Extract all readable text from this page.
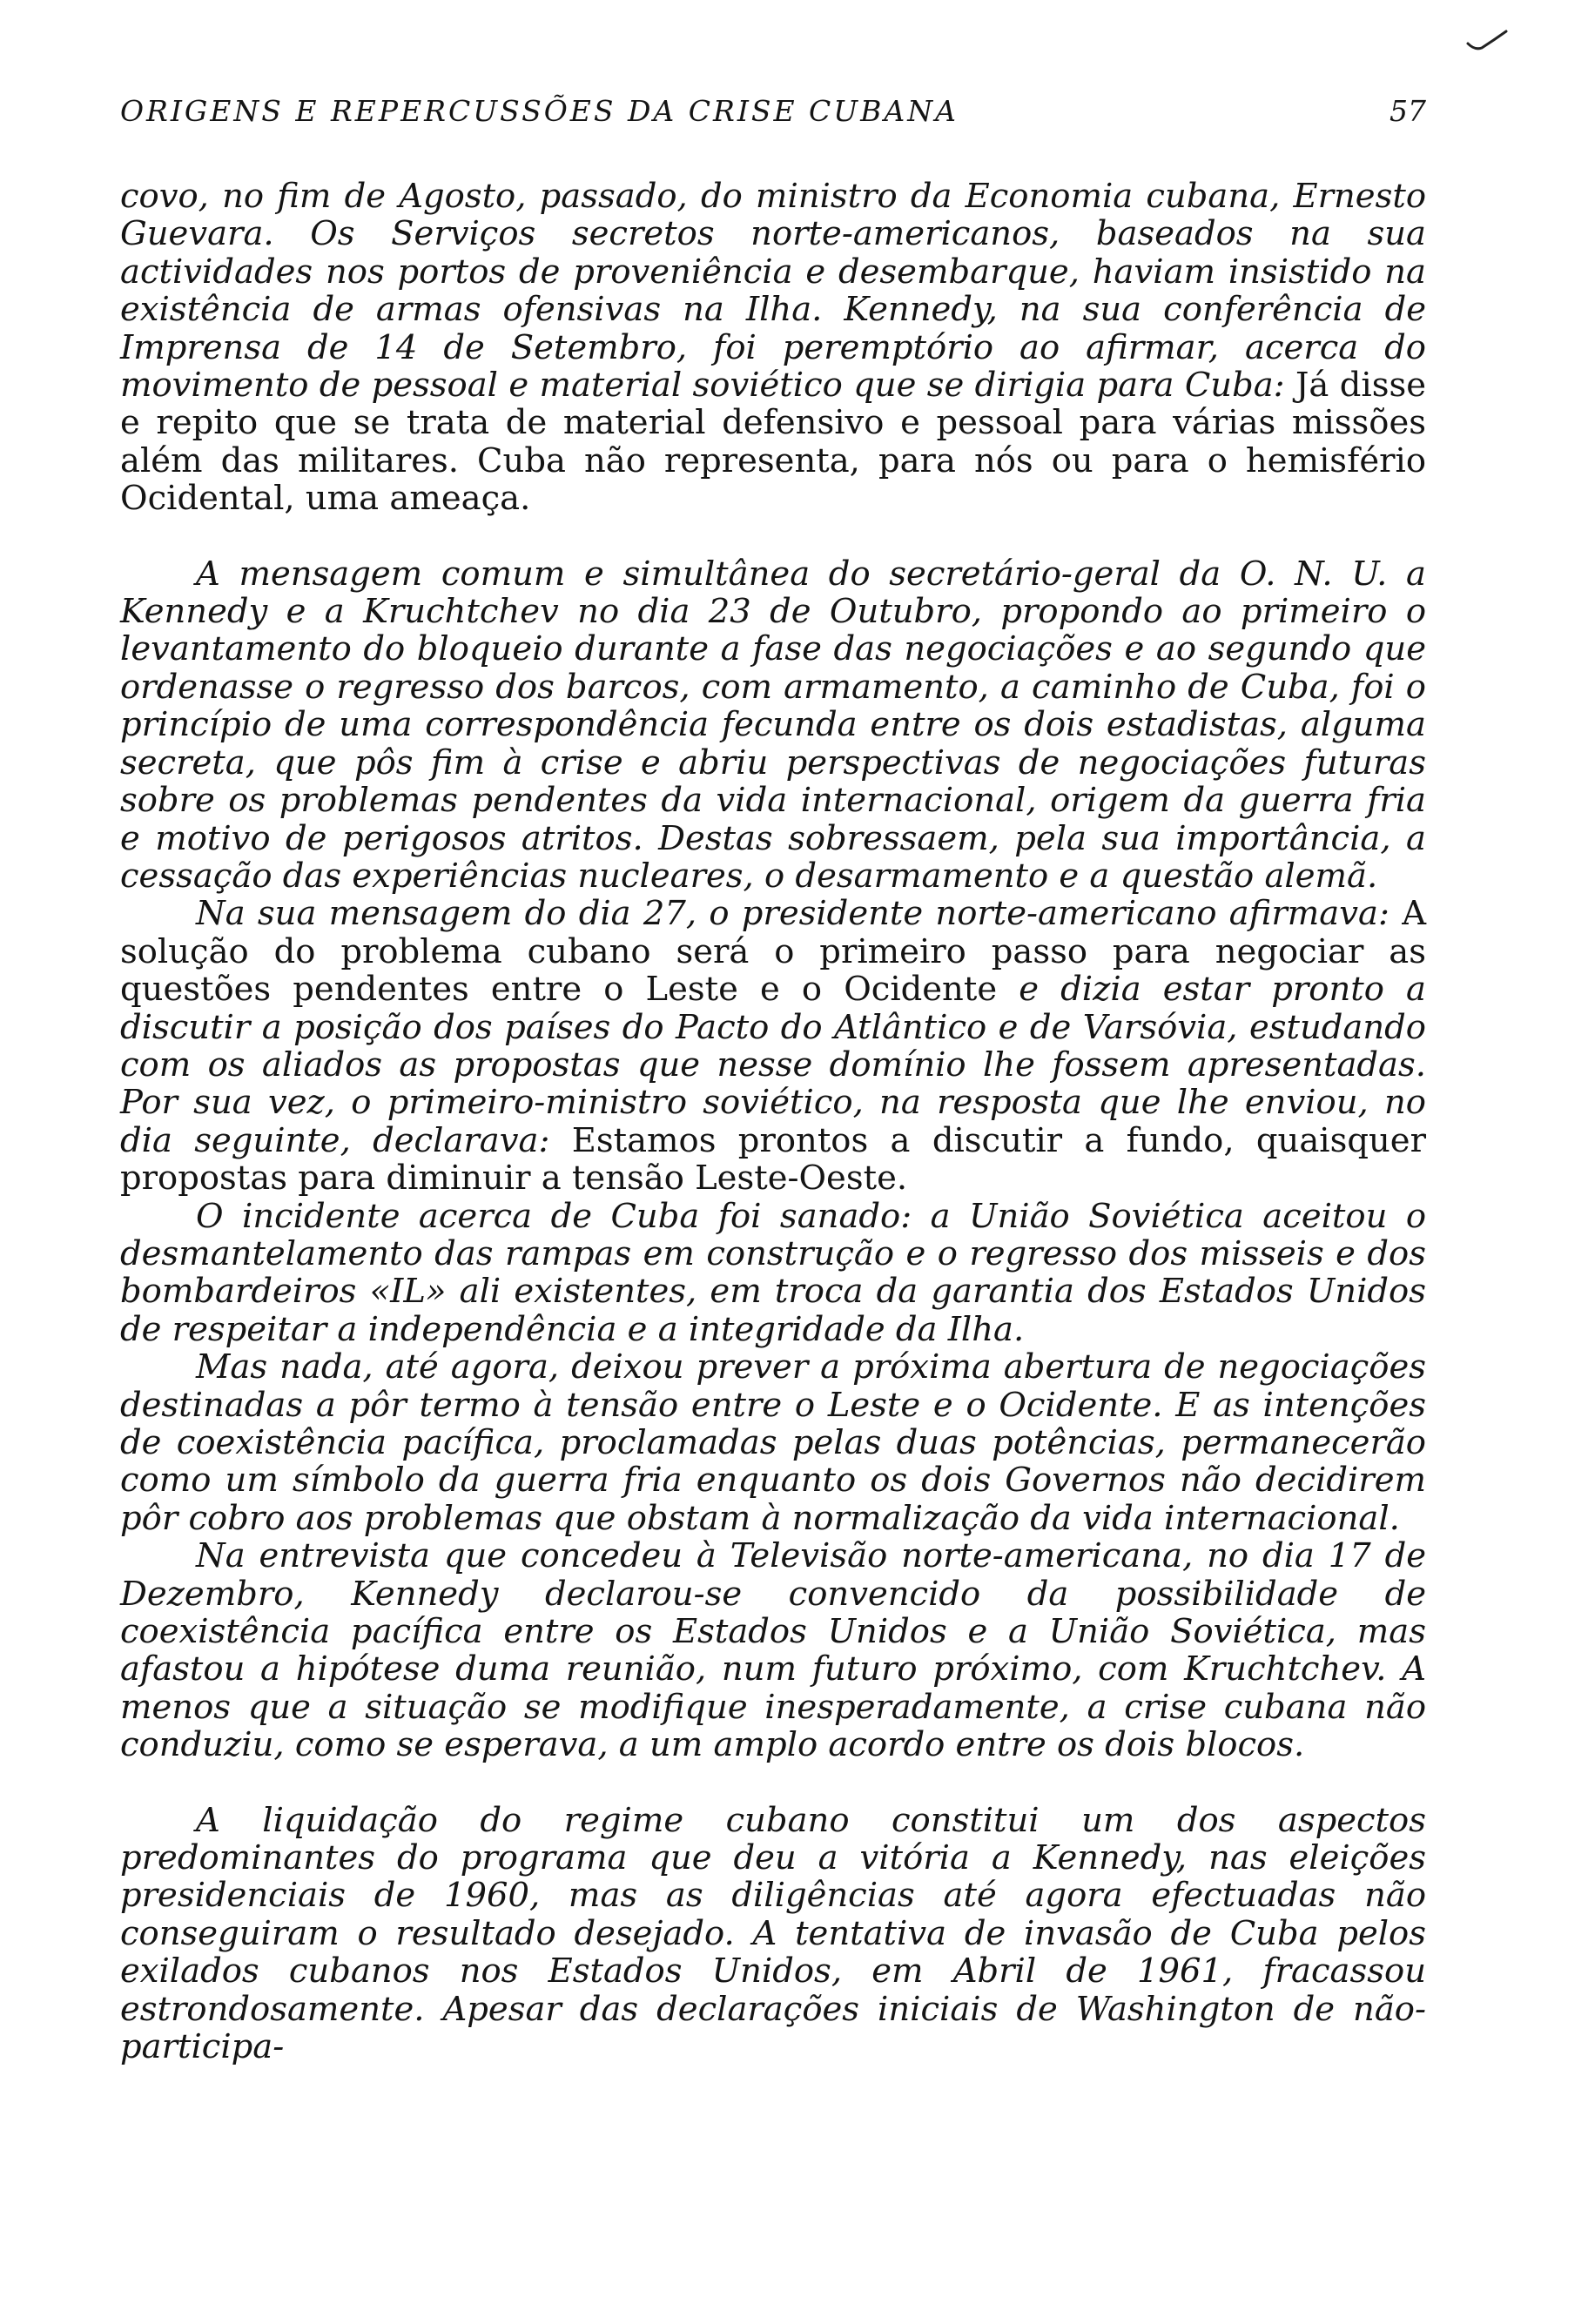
ORIGENS E REPERCUSSÕES DA CRISE CUBANA	57

covo, no fim de Agosto, passado, do ministro da Economia cubana, Ernesto Guevara. Os Serviços secretos norte-americanos, baseados na sua actividades nos portos de proveniência e desembarque, haviam insistido na existência de armas ofensivas na Ilha. Kennedy, na sua conferência de Imprensa de 14 de Setembro, foi peremptório ao afirmar, acerca do movimento de pessoal e material soviético que se dirigia para Cuba: Já disse e repito que se trata de material defensivo e pessoal para várias missões além das militares. Cuba não representa, para nós ou para o hemisfério Ocidental, uma ameaça.

A mensagem comum e simultânea do secretário-geral da O. N. U. a Kennedy e a Kruchtchev no dia 23 de Outubro, propondo ao primeiro o levantamento do bloqueio durante a fase das negociações e ao segundo que ordenasse o regresso dos barcos, com armamento, a caminho de Cuba, foi o princípio de uma correspondência fecunda entre os dois estadistas, alguma secreta, que pôs fim à crise e abriu perspectivas de negociações futuras sobre os problemas pendentes da vida internacional, origem da guerra fria e motivo de perigosos atritos. Destas sobressaem, pela sua importância, a cessação das experiências nucleares, o desarmamento e a questão alemã.

Na sua mensagem do dia 27, o presidente norte-americano afirmava: A solução do problema cubano será o primeiro passo para negociar as questões pendentes entre o Leste e o Ocidente e dizia estar pronto a discutir a posição dos países do Pacto do Atlântico e de Varsóvia, estudando com os aliados as propostas que nesse domínio lhe fossem apresentadas. Por sua vez, o primeiro-ministro soviético, na resposta que lhe enviou, no dia seguinte, declarava: Estamos prontos a discutir a fundo, quaisquer propostas para diminuir a tensão Leste-Oeste.

O incidente acerca de Cuba foi sanado: a União Soviética aceitou o desmantelamento das rampas em construção e o regresso dos misseis e dos bombardeiros «IL» ali existentes, em troca da garantia dos Estados Unidos de respeitar a independência e a integridade da Ilha.

Mas nada, até agora, deixou prever a próxima abertura de negociações destinadas a pôr termo à tensão entre o Leste e o Ocidente. E as intenções de coexistência pacífica, proclamadas pelas duas potências, permanecerão como um símbolo da guerra fria enquanto os dois Governos não decidirem pôr cobro aos problemas que obstam à normalização da vida internacional.

Na entrevista que concedeu à Televisão norte-americana, no dia 17 de Dezembro, Kennedy declarou-se convencido da possibilidade de coexistência pacífica entre os Estados Unidos e a União Soviética, mas afastou a hipótese duma reunião, num futuro próximo, com Kruchtchev. A menos que a situação se modifique inesperadamente, a crise cubana não conduziu, como se esperava, a um amplo acordo entre os dois blocos.

A liquidação do regime cubano constitui um dos aspectos predominantes do programa que deu a vitória a Kennedy, nas eleições presidenciais de 1960, mas as diligências até agora efectuadas não conseguiram o resultado desejado. A tentativa de invasão de Cuba pelos exilados cubanos nos Estados Unidos, em Abril de 1961, fracassou estrondosamente. Apesar das declarações iniciais de Washington de não-participa-
